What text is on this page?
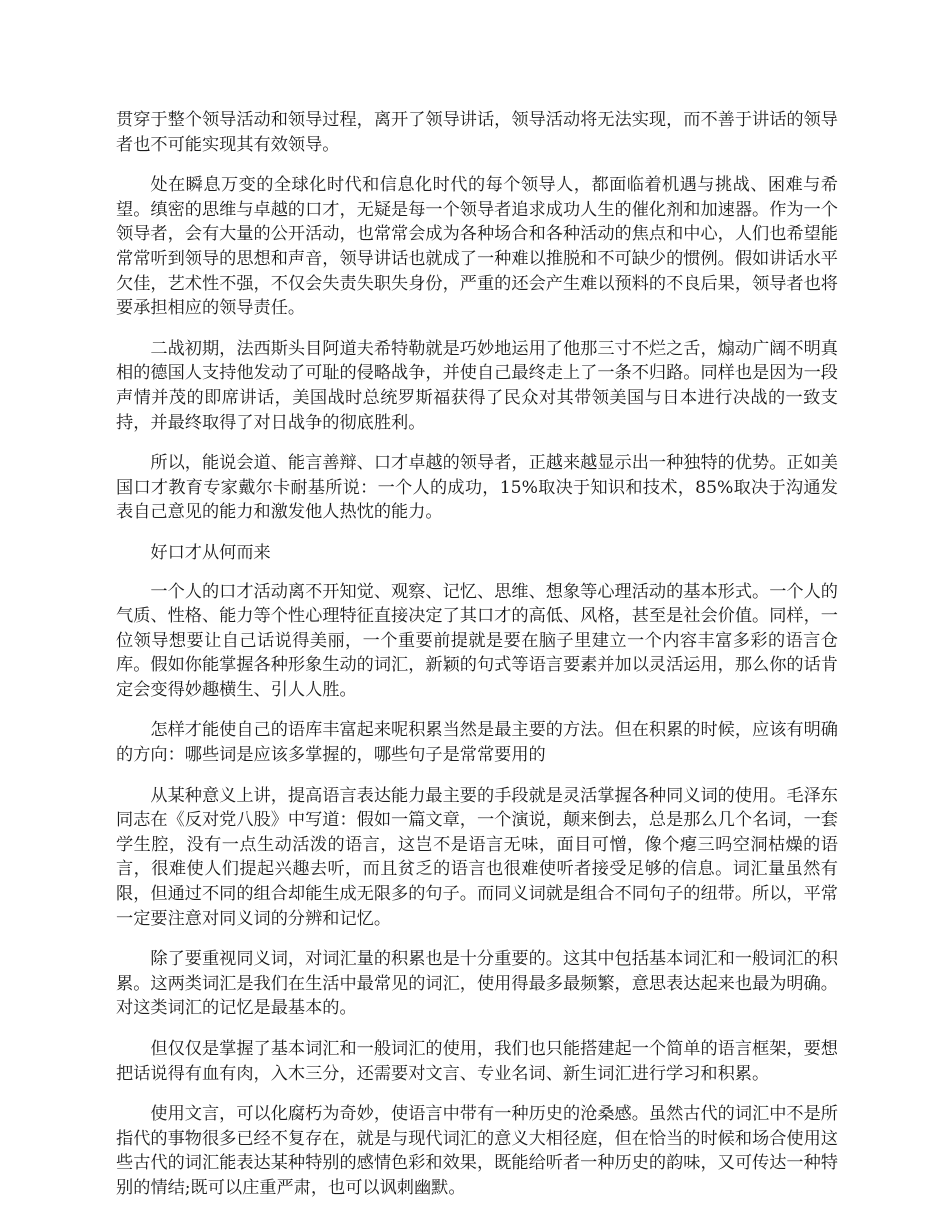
贯穿于整个领导活动和领导过程，离开了领导讲话，领导活动将无法实现，而不善于讲话的领导者也不可能实现其有效领导。

处在瞬息万变的全球化时代和信息化时代的每个领导人，都面临着机遇与挑战、困难与希望。缜密的思维与卓越的口才，无疑是每一个领导者追求成功人生的催化剂和加速器。作为一个领导者，会有大量的公开活动，也常常会成为各种场合和各种活动的焦点和中心，人们也希望能常常听到领导的思想和声音，领导讲话也就成了一种难以推脱和不可缺少的惯例。假如讲话水平欠佳，艺术性不强，不仅会失责失职失身份，严重的还会产生难以预料的不良后果，领导者也将要承担相应的领导责任。

二战初期，法西斯头目阿道夫希特勒就是巧妙地运用了他那三寸不烂之舌，煽动广阔不明真相的德国人支持他发动了可耻的侵略战争，并使自己最终走上了一条不归路。同样也是因为一段声情并茂的即席讲话，美国战时总统罗斯福获得了民众对其带领美国与日本进行决战的一致支持，并最终取得了对日战争的彻底胜利。

所以，能说会道、能言善辩、口才卓越的领导者，正越来越显示出一种独特的优势。正如美国口才教育专家戴尔卡耐基所说：一个人的成功，15%取决于知识和技术，85%取决于沟通发表自己意见的能力和激发他人热忱的能力。

好口才从何而来

一个人的口才活动离不开知觉、观察、记忆、思维、想象等心理活动的基本形式。一个人的气质、性格、能力等个性心理特征直接决定了其口才的高低、风格，甚至是社会价值。同样，一位领导想要让自己话说得美丽，一个重要前提就是要在脑子里建立一个内容丰富多彩的语言仓库。假如你能掌握各种形象生动的词汇，新颖的句式等语言要素并加以灵活运用，那么你的话肯定会变得妙趣横生、引人人胜。

怎样才能使自己的语库丰富起来呢积累当然是最主要的方法。但在积累的时候，应该有明确的方向：哪些词是应该多掌握的，哪些句子是常常要用的

从某种意义上讲，提高语言表达能力最主要的手段就是灵活掌握各种同义词的使用。毛泽东同志在《反对党八股》中写道：假如一篇文章，一个演说，颠来倒去，总是那么几个名词，一套学生腔，没有一点生动活泼的语言，这岂不是语言无味，面目可憎，像个瘪三吗空洞枯燥的语言，很难使人们提起兴趣去听，而且贫乏的语言也很难使听者接受足够的信息。词汇量虽然有限，但通过不同的组合却能生成无限多的句子。而同义词就是组合不同句子的纽带。所以，平常一定要注意对同义词的分辨和记忆。

除了要重视同义词，对词汇量的积累也是十分重要的。这其中包括基本词汇和一般词汇的积累。这两类词汇是我们在生活中最常见的词汇，使用得最多最频繁，意思表达起来也最为明确。对这类词汇的记忆是最基本的。

但仅仅是掌握了基本词汇和一般词汇的使用，我们也只能搭建起一个简单的语言框架，要想把话说得有血有肉，入木三分，还需要对文言、专业名词、新生词汇进行学习和积累。

使用文言，可以化腐朽为奇妙，使语言中带有一种历史的沧桑感。虽然古代的词汇中不是所指代的事物很多已经不复存在，就是与现代词汇的意义大相径庭，但在恰当的时候和场合使用这些古代的词汇能表达某种特别的感情色彩和效果，既能给听者一种历史的韵味，又可传达一种特别的情结;既可以庄重严肃，也可以讽刺幽默。
